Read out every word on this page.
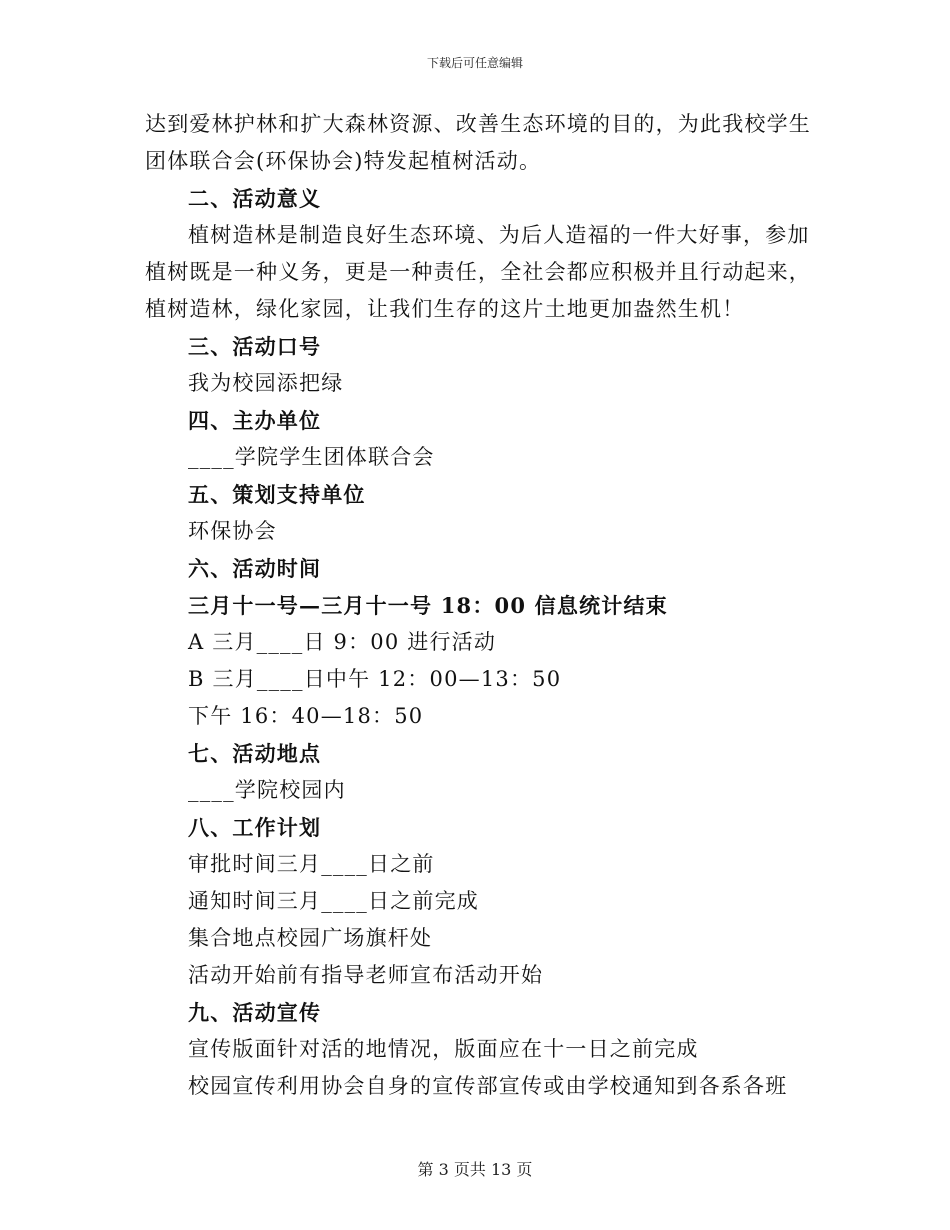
下载后可任意编辑
达到爱林护林和扩大森林资源、改善生态环境的目的，为此我校学生
团体联合会(环保协会)特发起植树活动。
二、活动意义
植树造林是制造良好生态环境、为后人造福的一件大好事，参加
植树既是一种义务，更是一种责任，全社会都应积极并且行动起来，
植树造林，绿化家园，让我们生存的这片土地更加盎然生机！
三、活动口号
我为校园添把绿
四、主办单位
____学院学生团体联合会
五、策划支持单位
环保协会
六、活动时间
三月十一号—三月十一号 18：00 信息统计结束
A 三月____日 9：00 进行活动
B 三月____日中午 12：00—13：50
下午 16：40—18：50
七、活动地点
____学院校园内
八、工作计划
审批时间三月____日之前
通知时间三月____日之前完成
集合地点校园广场旗杆处
活动开始前有指导老师宣布活动开始
九、活动宣传
宣传版面针对活的地情况，版面应在十一日之前完成
校园宣传利用协会自身的宣传部宣传或由学校通知到各系各班
第 3 页共 13 页
